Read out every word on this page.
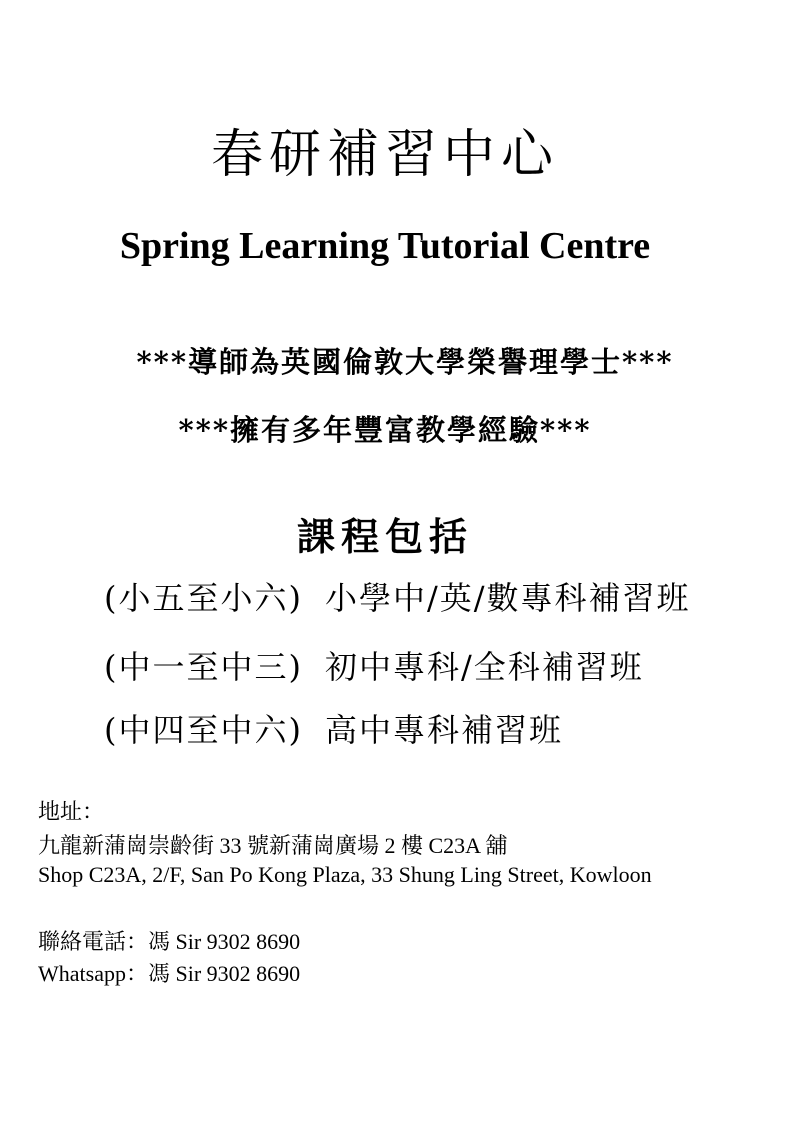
春研補習中心
Spring Learning Tutorial Centre

***導師為英國倫敦大學榮譽理學士***

***擁有多年豐富教學經驗***

課程包括
(小五至小六) 小學中/英/數專科補習班
(中一至中三) 初中專科/全科補習班
(中四至中六) 高中專科補習班
地址：
九龍新蒲崗崇齡街 33 號新蒲崗廣場 2 樓 C23A 舖
Shop C23A, 2/F, San Po Kong Plaza, 33 Shung Ling Street, Kowloon
聯絡電話：馮 Sir 9302 8690
Whatsapp：馮 Sir 9302 8690
